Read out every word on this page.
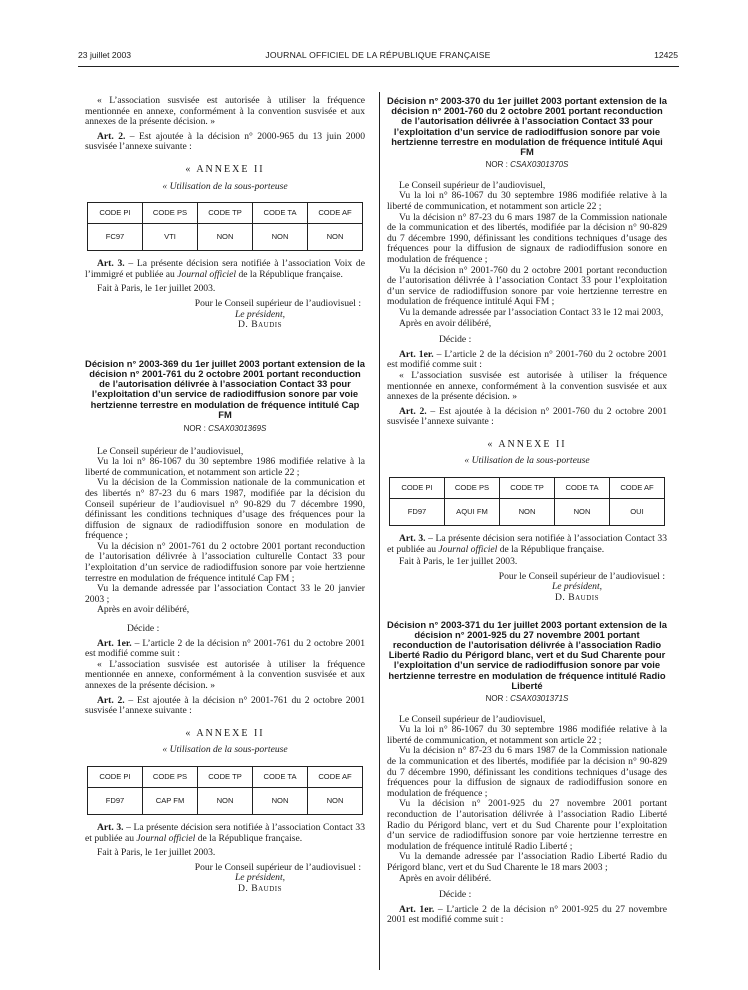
23 juillet 2003	JOURNAL OFFICIEL DE LA RÉPUBLIQUE FRANÇAISE	12425

« L’association susvisée est autorisée à utiliser la fréquence mentionnée en annexe, conformément à la convention susvisée et aux annexes de la présente décision. »

Art. 2. – Est ajoutée à la décision n° 2000-965 du 13 juin 2000 susvisée l’annexe suivante :

« ANNEXE II

« Utilisation de la sous-porteuse

CODE PI	CODE PS	CODE TP	CODE TA	CODE AF
FC97	VTI	NON	NON	NON

Art. 3. – La présente décision sera notifiée à l’association Voix de l’immigré et publiée au Journal officiel de la République française.

Fait à Paris, le 1er juillet 2003.

Pour le Conseil supérieur de l’audiovisuel :

Le président,

D. Baudis

Décision n° 2003-369 du 1er juillet 2003 portant extension de la décision n° 2001-761 du 2 octobre 2001 portant reconduction de l’autorisation délivrée à l’association Contact 33 pour l’exploitation d’un service de radiodiffusion sonore par voie hertzienne terrestre en modulation de fréquence intitulé Cap FM

NOR : CSAX0301369S

Le Conseil supérieur de l’audiovisuel,

Vu la loi n° 86-1067 du 30 septembre 1986 modifiée relative à la liberté de communication, et notamment son article 22 ;

Vu la décision de la Commission nationale de la communication et des libertés n° 87-23 du 6 mars 1987, modifiée par la décision du Conseil supérieur de l’audiovisuel n° 90-829 du 7 décembre 1990, définissant les conditions techniques d’usage des fréquences pour la diffusion de signaux de radiodiffusion sonore en modulation de fréquence ;

Vu la décision n° 2001-761 du 2 octobre 2001 portant reconduction de l’autorisation délivrée à l’association culturelle Contact 33 pour l’exploitation d’un service de radiodiffusion sonore par voie hertzienne terrestre en modulation de fréquence intitulé Cap FM ;

Vu la demande adressée par l’association Contact 33 le 20 janvier 2003 ;

Après en avoir délibéré,

Décide :

Art. 1er. – L’article 2 de la décision n° 2001-761 du 2 octobre 2001 est modifié comme suit :

« L’association susvisée est autorisée à utiliser la fréquence mentionnée en annexe, conformément à la convention susvisée et aux annexes de la présente décision. »

Art. 2. – Est ajoutée à la décision n° 2001-761 du 2 octobre 2001 susvisée l’annexe suivante :

« ANNEXE II

« Utilisation de la sous-porteuse

CODE PI	CODE PS	CODE TP	CODE TA	CODE AF
FD97	CAP FM	NON	NON	NON

Art. 3. – La présente décision sera notifiée à l’association Contact 33 et publiée au Journal officiel de la République française.

Fait à Paris, le 1er juillet 2003.

Pour le Conseil supérieur de l’audiovisuel :

Le président,

D. Baudis

Décision n° 2003-370 du 1er juillet 2003 portant extension de la décision n° 2001-760 du 2 octobre 2001 portant reconduction de l’autorisation délivrée à l’association Contact 33 pour l’exploitation d’un service de radiodiffusion sonore par voie hertzienne terrestre en modulation de fréquence intitulé Aqui FM

NOR : CSAX0301370S

Le Conseil supérieur de l’audiovisuel,

Vu la loi n° 86-1067 du 30 septembre 1986 modifiée relative à la liberté de communication, et notamment son article 22 ;

Vu la décision n° 87-23 du 6 mars 1987 de la Commission nationale de la communication et des libertés, modifiée par la décision n° 90-829 du 7 décembre 1990, définissant les conditions techniques d’usage des fréquences pour la diffusion de signaux de radiodiffusion sonore en modulation de fréquence ;

Vu la décision n° 2001-760 du 2 octobre 2001 portant reconduction de l’autorisation délivrée à l’association Contact 33 pour l’exploitation d’un service de radiodiffusion sonore par voie hertzienne terrestre en modulation de fréquence intitulé Aqui FM ;

Vu la demande adressée par l’association Contact 33 le 12 mai 2003,

Après en avoir délibéré,

Décide :

Art. 1er. – L’article 2 de la décision n° 2001-760 du 2 octobre 2001 est modifié comme suit :

« L’association susvisée est autorisée à utiliser la fréquence mentionnée en annexe, conformément à la convention susvisée et aux annexes de la présente décision. »

Art. 2. – Est ajoutée à la décision n° 2001-760 du 2 octobre 2001 susvisée l’annexe suivante :

« ANNEXE II

« Utilisation de la sous-porteuse

CODE PI	CODE PS	CODE TP	CODE TA	CODE AF
FD97	AQUI FM	NON	NON	OUI

Art. 3. – La présente décision sera notifiée à l’association Contact 33 et publiée au Journal officiel de la République française.

Fait à Paris, le 1er juillet 2003.

Pour le Conseil supérieur de l’audiovisuel :

Le président,

D. Baudis

Décision n° 2003-371 du 1er juillet 2003 portant extension de la décision n° 2001-925 du 27 novembre 2001 portant reconduction de l’autorisation délivrée à l’association Radio Liberté Radio du Périgord blanc, vert et du Sud Charente pour l’exploitation d’un service de radiodiffusion sonore par voie hertzienne terrestre en modulation de fréquence intitulé Radio Liberté

NOR : CSAX0301371S

Le Conseil supérieur de l’audiovisuel,

Vu la loi n° 86-1067 du 30 septembre 1986 modifiée relative à la liberté de communication, et notamment son article 22 ;

Vu la décision n° 87-23 du 6 mars 1987 de la Commission nationale de la communication et des libertés, modifiée par la décision n° 90-829 du 7 décembre 1990, définissant les conditions techniques d’usage des fréquences pour la diffusion de signaux de radiodiffusion sonore en modulation de fréquence ;

Vu la décision n° 2001-925 du 27 novembre 2001 portant reconduction de l’autorisation délivrée à l’association Radio Liberté Radio du Périgord blanc, vert et du Sud Charente pour l’exploitation d’un service de radiodiffusion sonore par voie hertzienne terrestre en modulation de fréquence intitulé Radio Liberté ;

Vu la demande adressée par l’association Radio Liberté Radio du Périgord blanc, vert et du Sud Charente le 18 mars 2003 ;

Après en avoir délibéré.

Décide :

Art. 1er. – L’article 2 de la décision n° 2001-925 du 27 novembre 2001 est modifié comme suit :
